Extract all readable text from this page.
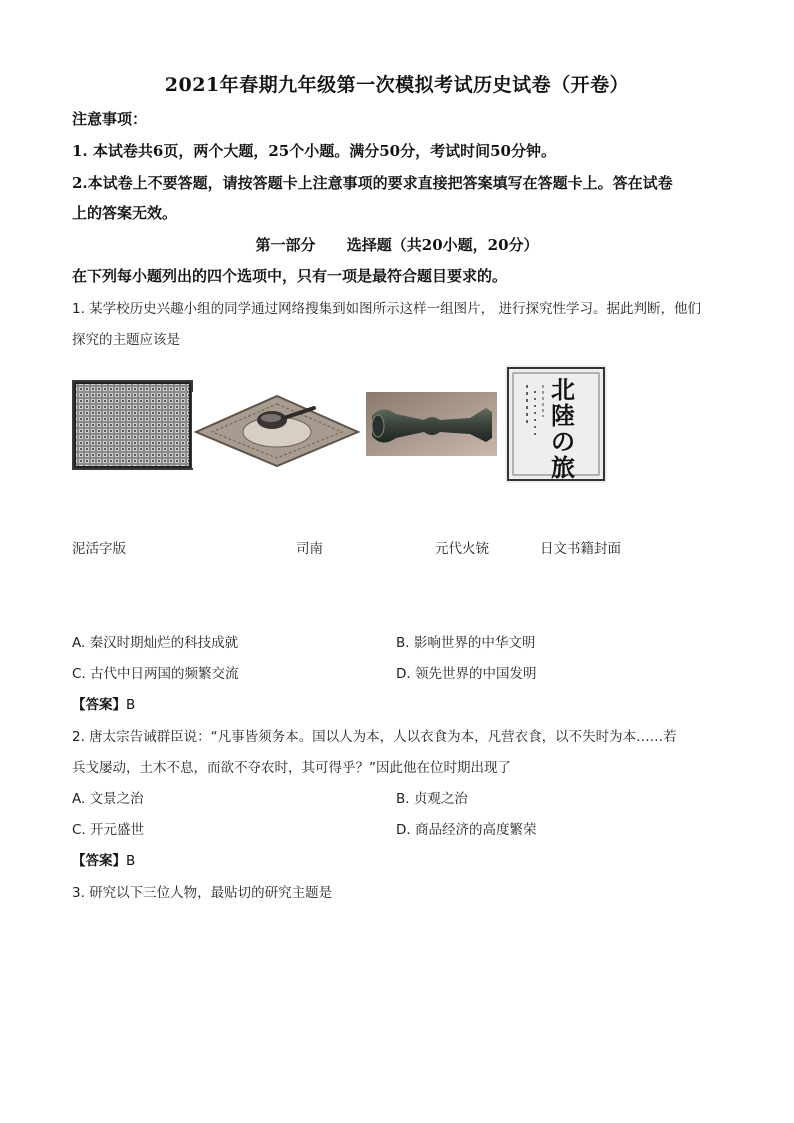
2021年春期九年级第一次模拟考试历史试卷（开卷）
注意事项：
1. 本试卷共6页，两个大题，25个小题。满分50分，考试时间50分钟。
2.本试卷上不要答题，请按答题卡上注意事项的要求直接把答案填写在答题卡上。答在试卷
上的答案无效。
第一部分      选择题（共20小题，20分）
在下列每小题列出的四个选项中，只有一项是最符合题目要求的。
1. 某学校历史兴趣小组的同学通过网络搜集到如图所示这样一组图片， 进行探究性学习。据此判断，他们
探究的主题应该是
北陸の旅
泥活字版	司南	元代火铳	日文书籍封面
A. 秦汉时期灿烂的科技成就	B. 影响世界的中华文明
C. 古代中日两国的频繁交流	D. 领先世界的中国发明
【答案】B
2. 唐太宗告诫群臣说：“凡事皆须务本。国以人为本，人以衣食为本，凡营衣食，以不失时为本……若
兵戈屡动，土木不息，而欲不夺农时，其可得乎？”因此他在位时期出现了
A. 文景之治	B. 贞观之治
C. 开元盛世	D. 商品经济的高度繁荣
【答案】B
3. 研究以下三位人物，最贴切的研究主题是
